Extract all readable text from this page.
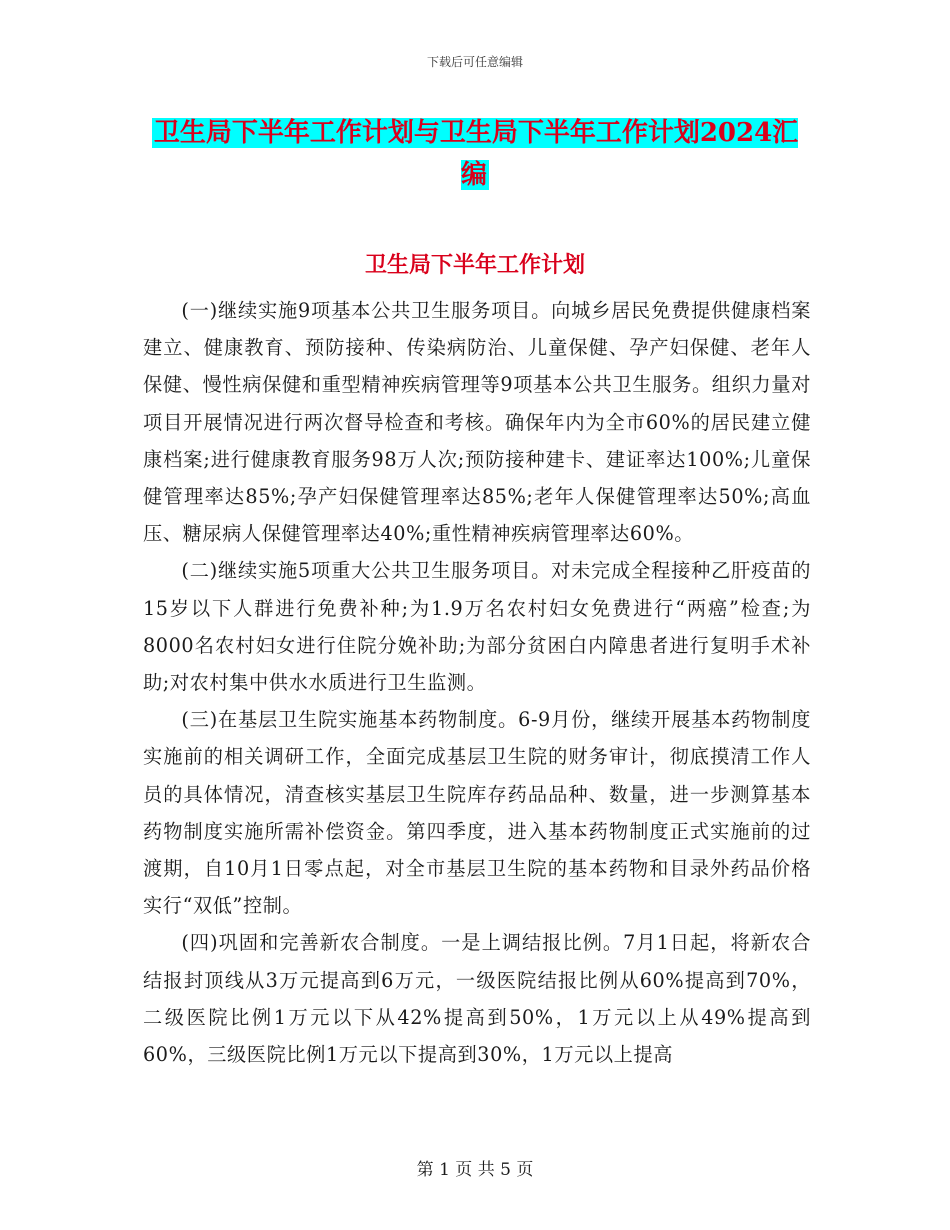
下载后可任意编辑
卫生局下半年工作计划与卫生局下半年工作计划2024汇编
卫生局下半年工作计划

(一)继续实施9项基本公共卫生服务项目。向城乡居民免费提供健康档案建立、健康教育、预防接种、传染病防治、儿童保健、孕产妇保健、老年人保健、慢性病保健和重型精神疾病管理等9项基本公共卫生服务。组织力量对项目开展情况进行两次督导检查和考核。确保年内为全市60%的居民建立健康档案;进行健康教育服务98万人次;预防接种建卡、建证率达100%;儿童保健管理率达85%;孕产妇保健管理率达85%;老年人保健管理率达50%;高血压、糖尿病人保健管理率达40%;重性精神疾病管理率达60%。

(二)继续实施5项重大公共卫生服务项目。对未完成全程接种乙肝疫苗的15岁以下人群进行免费补种;为1.9万名农村妇女免费进行“两癌”检查;为8000名农村妇女进行住院分娩补助;为部分贫困白内障患者进行复明手术补助;对农村集中供水水质进行卫生监测。

(三)在基层卫生院实施基本药物制度。6-9月份，继续开展基本药物制度实施前的相关调研工作，全面完成基层卫生院的财务审计，彻底摸清工作人员的具体情况，清查核实基层卫生院库存药品品种、数量，进一步测算基本药物制度实施所需补偿资金。第四季度，进入基本药物制度正式实施前的过渡期，自10月1日零点起，对全市基层卫生院的基本药物和目录外药品价格实行“双低”控制。

(四)巩固和完善新农合制度。一是上调结报比例。7月1日起，将新农合结报封顶线从3万元提高到6万元，一级医院结报比例从60%提高到70%，二级医院比例1万元以下从42%提高到50%，1万元以上从49%提高到60%，三级医院比例1万元以下提高到30%，1万元以上提高

第 1 页 共 5 页
